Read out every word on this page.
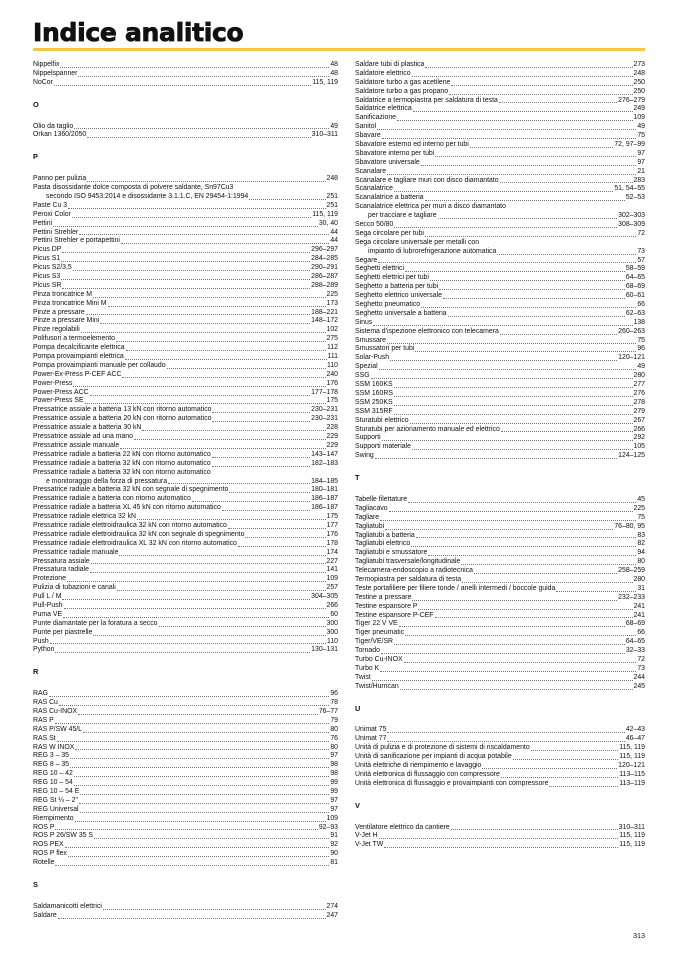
Indice analitico
Nippelfix	48
Nippelspanner	48
NoCor	115, 119
O
Olio da taglio	49
Orkan 1360/2050	310–311
P
Panno per pulizia	248
Pasta disossidante dolce composta di polvere saldante, Sn97Cu3
secondo ISO 9453:2014 e disossidante 3.1.1.C, EN 29454-1:1994	251
Paste Cu 3	251
Peroxi Color	115, 119
Pettini	30, 40
Pettini Strehler	44
Pettini Strehler e portapettini	44
Picus DP	296–297
Picus S1	284–285
Picus S2/3,5	290–291
Picus S3	286–287
Picus SR	288–289
Pinza troncatrice M	225
Pinza troncatrice Mini M	173
Pinze a pressare	188–221
Pinze a pressare Mini	148–172
Pinze regolabili	102
Polifusori a termoelemento	275
Pompa decalcificante elettrica	112
Pompa provaimpianti elettrica	111
Pompa provaimpianti manuale per collaudo	110
Power-Ex-Press P-CEF ACC	240
Power-Press	176
Power-Press ACC	177–178
Power-Press SE	175
Pressatrice assiale a batteria 13 kN con ritorno automatico	230–231
Pressatrice assiale a batteria 20 kN con ritorno automatico	230–231
Pressatrice assiale a batteria 30 kN	228
Pressatrice assiale ad una mano	229
Pressatrice assiale manuale	229
Pressatrice radiale a batteria 22 kN con ritorno automatico	143–147
Pressatrice radiale a batteria 32 kN con ritorno automatico	182–183
Pressatrice radiale a batteria 32 kN con ritorno automatico
e monitoraggio della forza di pressatura	184–185
Pressatrice radiale a batteria 32 kN con segnale di spegnimento	180–181
Pressatrice radiale a batteria con ritorno automatico	186–187
Pressatrice radiale a batteria XL 45 kN con ritorno automatico	186–187
Pressatrice radiale elettrica 32 kN	175
Pressatrice radiale elettroidraulica 32 kN con ritorno automatico	177
Pressatrice radiale elettroidraulica 32 kN con segnale di spegnimento	176
Pressatrice radiale elettroidraulica XL 32 kN con ritorno automatico	178
Pressatrice radiale manuale	174
Pressatura assiale	227
Pressatura radiale	141
Protezione	109
Pulizia di tubazioni e canali	257
Pull L / M	304–305
Pull-Push	266
Puma VE	60
Punte diamantate per la foratura a secco	300
Punte per piastrelle	300
Push	110
Python	130–131
R
RAG	96
RAS Cu	78
RAS Cu-INOX	76–77
RAS P	79
RAS P/SW 45/L	80
RAS St	76
RAS W INOX	80
REG 3 – 35	97
REG 8 – 35	98
REG 10 – 42	98
REG 10 – 54	99
REG 10 – 54 E	99
REG St ¼ – 2"	97
REG Universal	97
Riempimento	109
ROS P	92–93
ROS P 26/SW 35 S	91
ROS PEX	92
ROS P flex	90
Rotelle	81
S
Saldamanicotti elettrici	274
Saldare	247
Saldare tubi di plastica	273
Saldatore elettrico	248
Saldatore turbo a gas acetilene	250
Saldatore turbo a gas propano	250
Saldatrice a termopiastra per saldatura di testa	276–279
Saldatrice elettrica	249
Sanificazione	109
Sanitol	49
Sbavare	75
Sbavatore esterno ed interno per tubi	72, 97–99
Sbavatore interno per tubi	97
Sbavatore universale	97
Scanalare	21
Scanalare e tagliare muri con disco diamantato	283
Scanalatrice	51, 54–55
Scanalatrice a batteria	52–53
Scanalatrice elettrica per muri a disco diamantato
per tracciare e tagliare	302–303
Secco 50/80	308–309
Sega circolare per tubi	72
Sega circolare universale per metalli con
impianto di lubrorefrigerazione automatica	73
Segare	57
Seghetti elettrici	58–59
Seghetti elettrici per tubi	64–65
Seghetto a batteria per tubi	68–69
Seghetto elettrico universale	60–61
Seghetto pneumatico	66
Seghetto universale a batteria	62–63
Sinus	138
Sistema d'ispezione elettronico con telecamera	260–263
Smussare	75
Smussatori per tubi	96
Solar-Push	120–121
Spezial	49
SSG	280
SSM 160KS	277
SSM 160RS	276
SSM 250KS	278
SSM 315RF	279
Sturatubi elettrico	267
Sturatubi per azionamento manuale ed elettrico	266
Supporti	292
Supporti materiale	105
Swing	124–125
T
Tabelle filettature	45
Tagliacavo	225
Tagliare	75
Tagliatubi	76–80, 95
Tagliatubi a batteria	83
Tagliatubi elettrico	82
Tagliatubi e smussatore	94
Tagliatubi trasversale/longitudinale	80
Telecamera-endoscopio a radiotecnica	258–259
Termopiastra per saldatura di testa	280
Teste portafiliere per filiere tonde / anelli intermedi / boccole guida	31
Testine a pressare	232–233
Testine espansore P	241
Testine espansore P-CEF	241
Tiger 22 V VE	68–69
Tiger pneumatic	66
Tiger/VE/SR	64–65
Tornado	32–33
Turbo Cu-INOX	72
Turbo K	73
Twist	244
Twist/Hurrican	245
U
Unimat 75	42–43
Unimat 77	46–47
Unità di pulizia e di protezione di sistemi di riscaldamento	115, 119
Unità di sanificazione per impianti di acqua potabile	115, 119
Unità elettriche di riempimento e lavaggio	120–121
Unità elettronica di flussaggio con compressore	113–115
Unità elettronica di flussaggio e provaimpianti con compressore	113–119
V
Ventilatore elettrico da cantiere	310–311
V-Jet H	115, 119
V-Jet TW	115, 119
313
